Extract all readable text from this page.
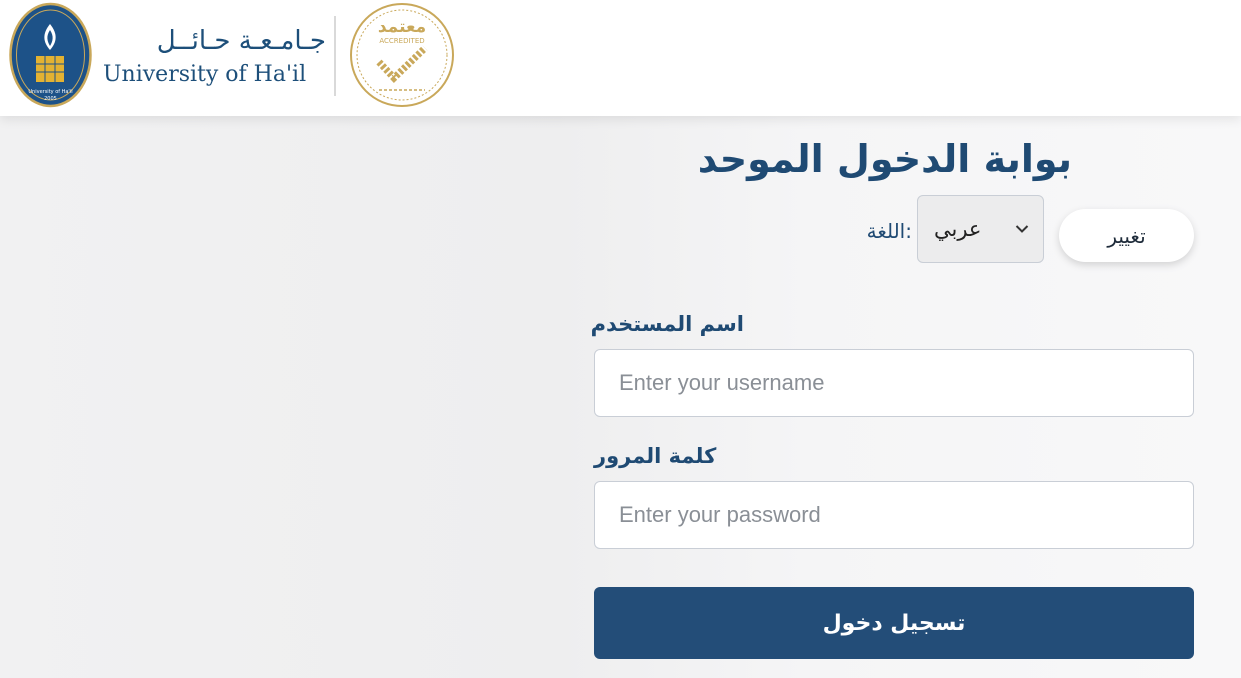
University of Ha'il
2005
جـامـعـة حـائــل
University of Ha'il
معتمد
ACCREDITED
بوابة الدخول الموحد
اللغة: عربي	تغيير
اسم المستخدم
Enter your username
كلمة المرور
تسجيل دخول
